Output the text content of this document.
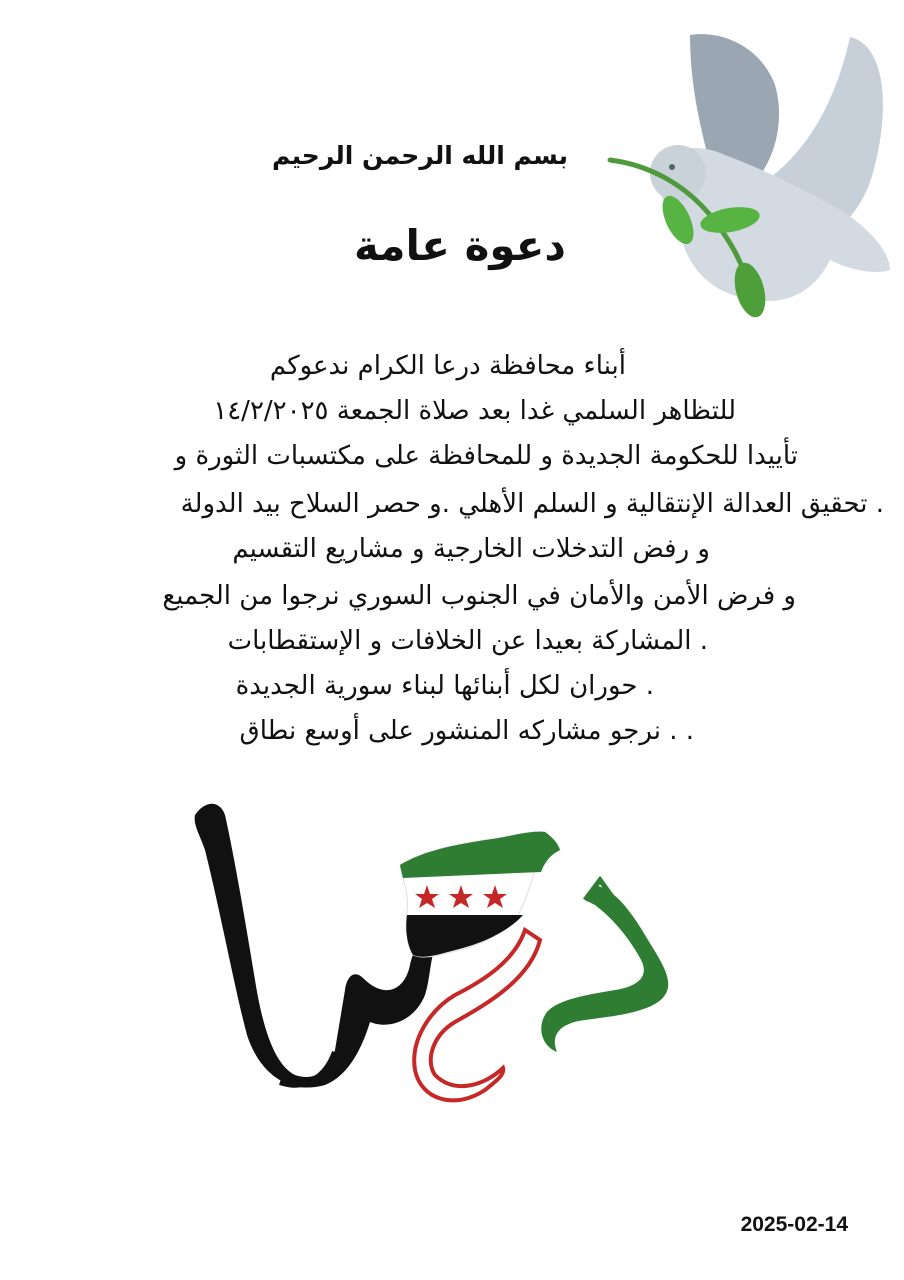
بسم الله الرحمن الرحيم
دعوة عامة
أبناء محافظة درعا الكرام ندعوكم
للتظاهر السلمي غدا بعد صلاة الجمعة ١٤/٢/٢٠٢٥
تأييدا للحكومة الجديدة و للمحافظة على مكتسبات الثورة و
. تحقيق العدالة الإنتقالية و السلم الأهلي .و حصر السلاح بيد الدولة
و رفض التدخلات الخارجية و مشاريع التقسيم
و فرض الأمن والأمان في الجنوب السوري نرجوا من الجميع
. المشاركة بعيدا عن الخلافات و الإستقطابات
. حوران لكل أبنائها لبناء سورية الجديدة
. . نرجو مشاركه المنشور على أوسع نطاق
2025-02-14
